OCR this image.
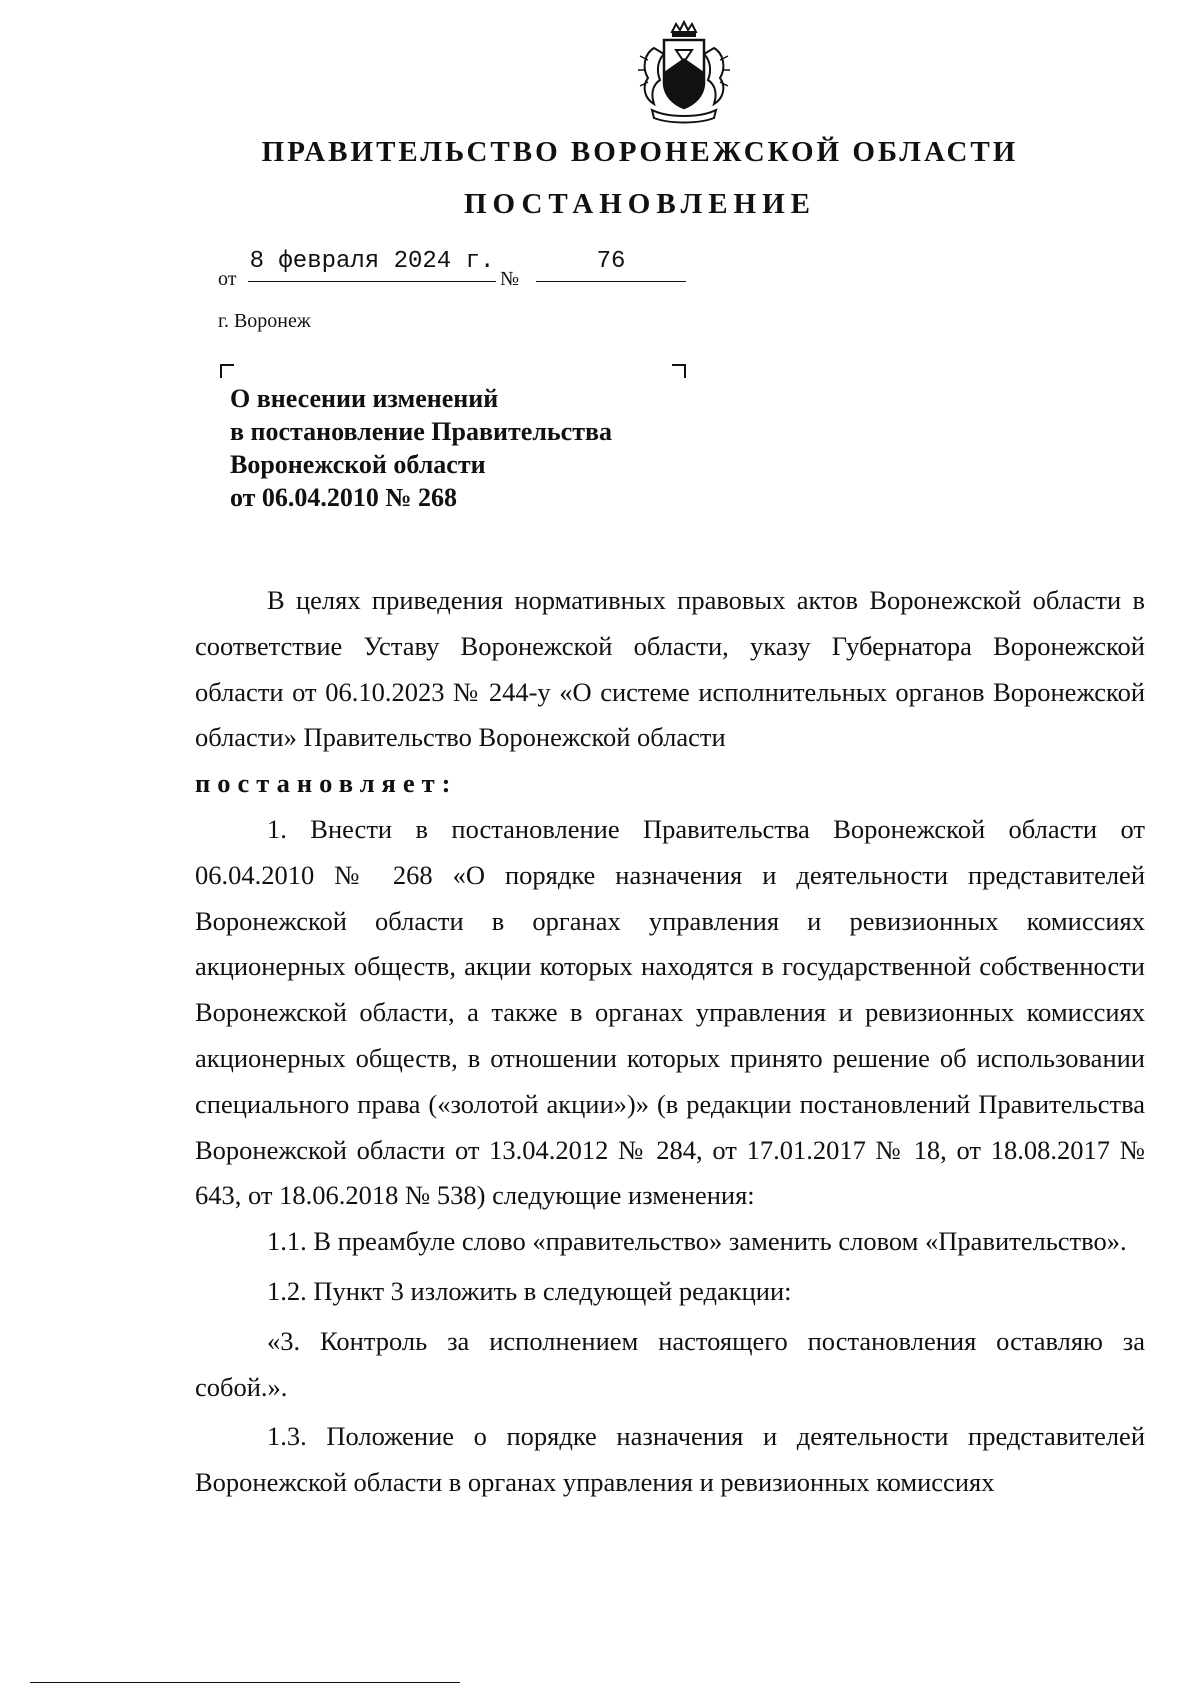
ПРАВИТЕЛЬСТВО ВОРОНЕЖСКОЙ ОБЛАСТИ
ПОСТАНОВЛЕНИЕ
от
8 февраля 2024 г.
№
76
г. Воронеж
О внесении изменений
в постановление Правительства
Воронежской области
от 06.04.2010 № 268

В целях приведения нормативных правовых актов Воронежской области в соответствие Уставу Воронежской области, указу Губернатора Воронежской области от 06.10.2023 № 244-у «О системе исполнительных органов Воронежской области» Правительство Воронежской области

постановляет:

1. Внести в постановление Правительства Воронежской области от 06.04.2010 № 268 «О порядке назначения и деятельности представителей Воронежской области в органах управления и ревизионных комиссиях акционерных обществ, акции которых находятся в государственной собственности Воронежской области, а также в органах управления и ревизионных комиссиях акционерных обществ, в отношении которых принято решение об использовании специального права («золотой акции»)» (в редакции постановлений Правительства Воронежской области от 13.04.2012 № 284, от 17.01.2017 № 18, от 18.08.2017 № 643, от 18.06.2018 № 538) следующие изменения:

1.1. В преамбуле слово «правительство» заменить словом «Правительство».

1.2. Пункт 3 изложить в следующей редакции:

«3. Контроль за исполнением настоящего постановления оставляю за собой.».

1.3. Положение о порядке назначения и деятельности представителей Воронежской области в органах управления и ревизионных комиссиях
